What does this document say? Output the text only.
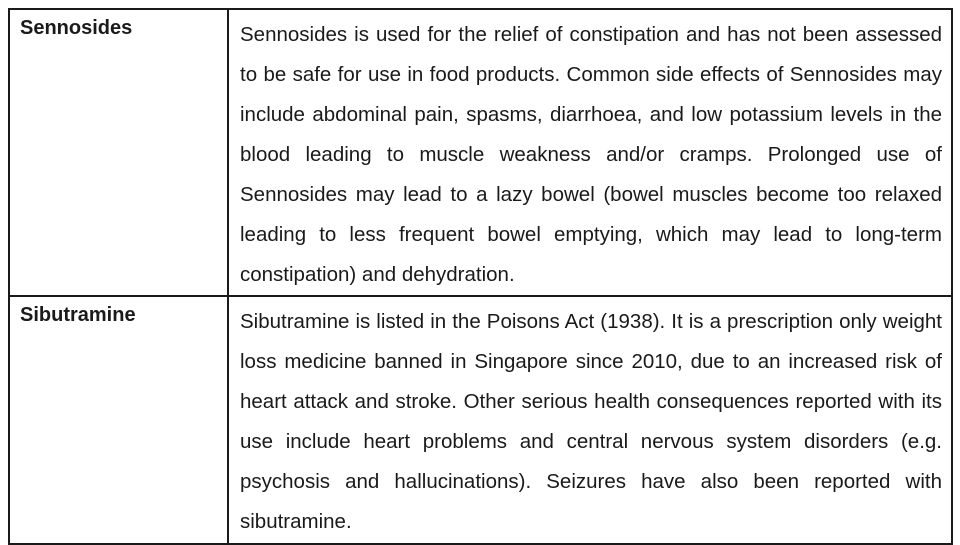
Sennosides	Sennosides is used for the relief of constipation and has not been assessed to be safe for use in food products. Common side effects of Sennosides may include abdominal pain, spasms, diarrhoea, and low potassium levels in the blood leading to muscle weakness and/or cramps. Prolonged use of Sennosides may lead to a lazy bowel (bowel muscles become too relaxed leading to less frequent bowel emptying, which may lead to long-term constipation) and dehydration.
Sibutramine	Sibutramine is listed in the Poisons Act (1938). It is a prescription only weight loss medicine banned in Singapore since 2010, due to an increased risk of heart attack and stroke. Other serious health consequences reported with its use include heart problems and central nervous system disorders (e.g. psychosis and hallucinations). Seizures have also been reported with sibutramine.
